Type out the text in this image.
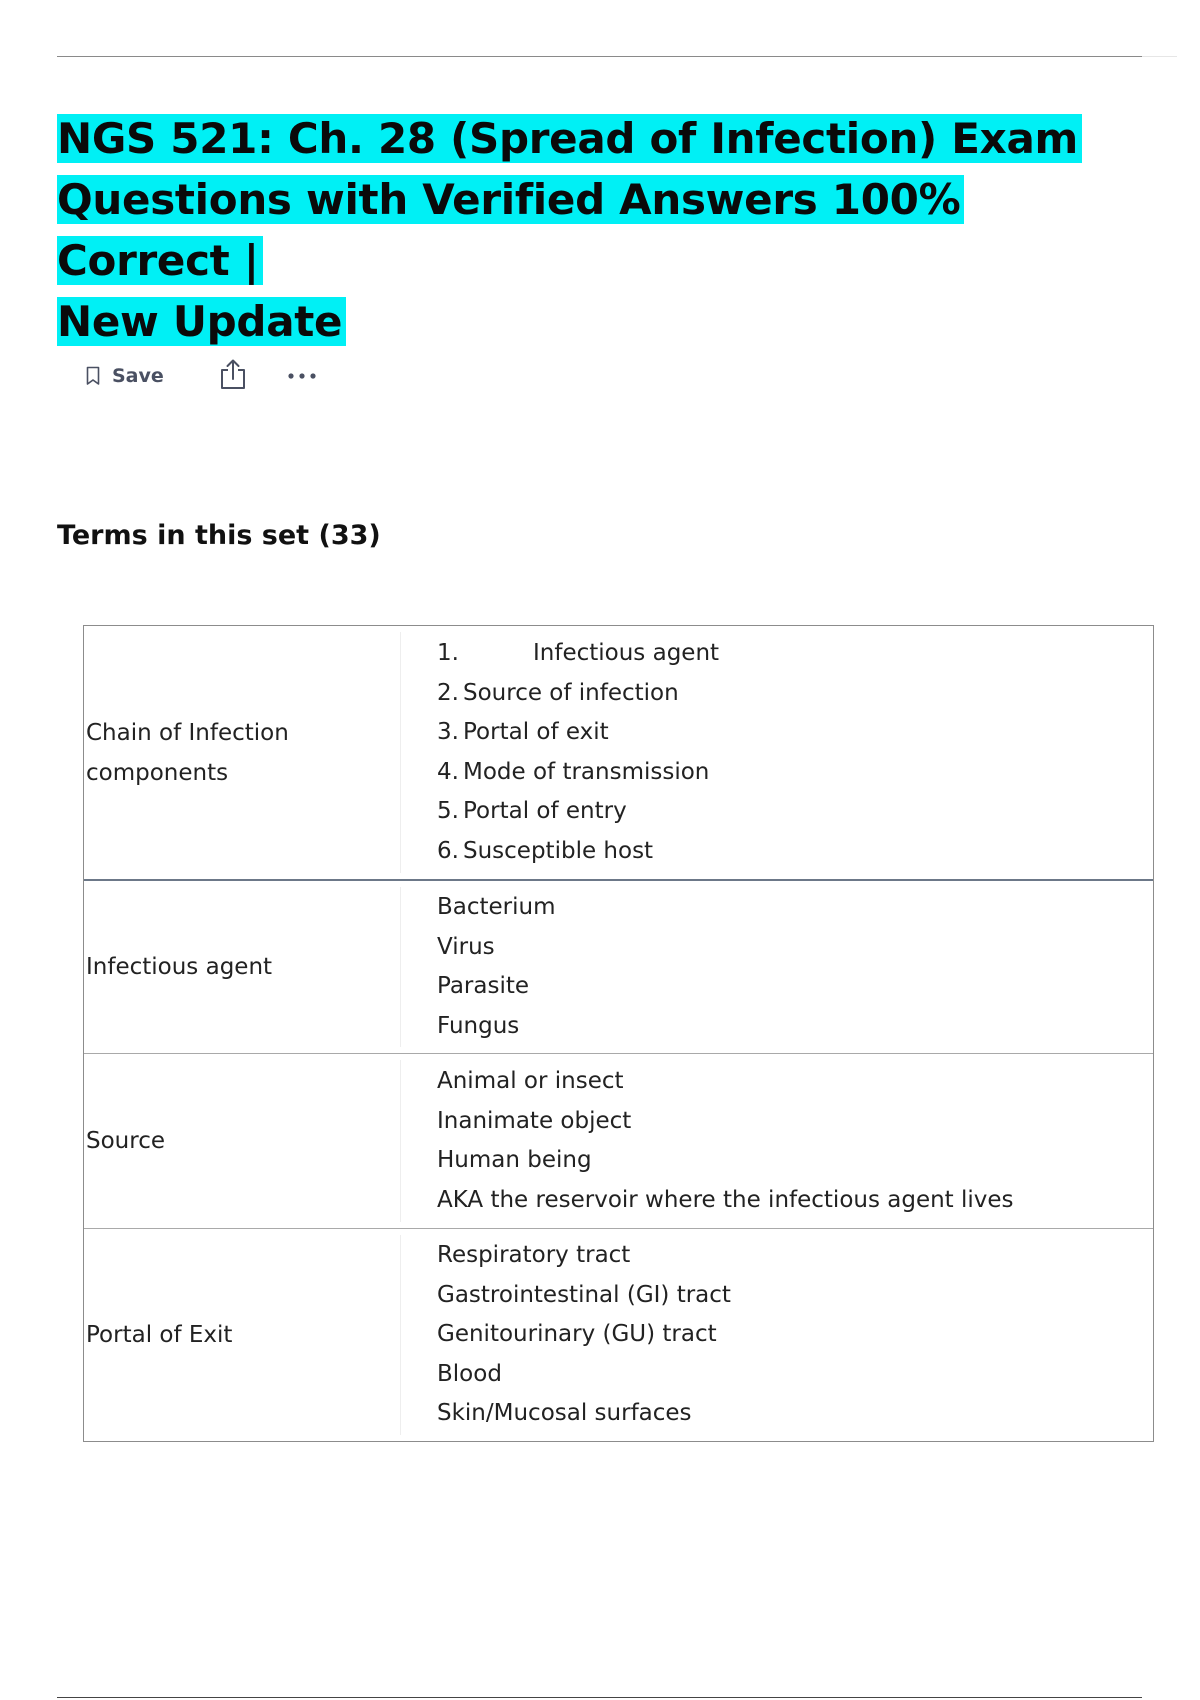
NGS 521: Ch. 28 (Spread of Infection) Exam
Questions with Verified Answers 100% Correct |
New Update
Save
Terms in this set (33)
Chain of Infection
components
1.	Infectious agent
2. Source of infection
3. Portal of exit
4. Mode of transmission
5. Portal of entry
6. Susceptible host
Infectious agent
Bacterium
Virus
Parasite
Fungus
Source
Animal or insect
Inanimate object
Human being
AKA the reservoir where the infectious agent lives
Portal of Exit
Respiratory tract
Gastrointestinal (GI) tract
Genitourinary (GU) tract
Blood
Skin/Mucosal surfaces
